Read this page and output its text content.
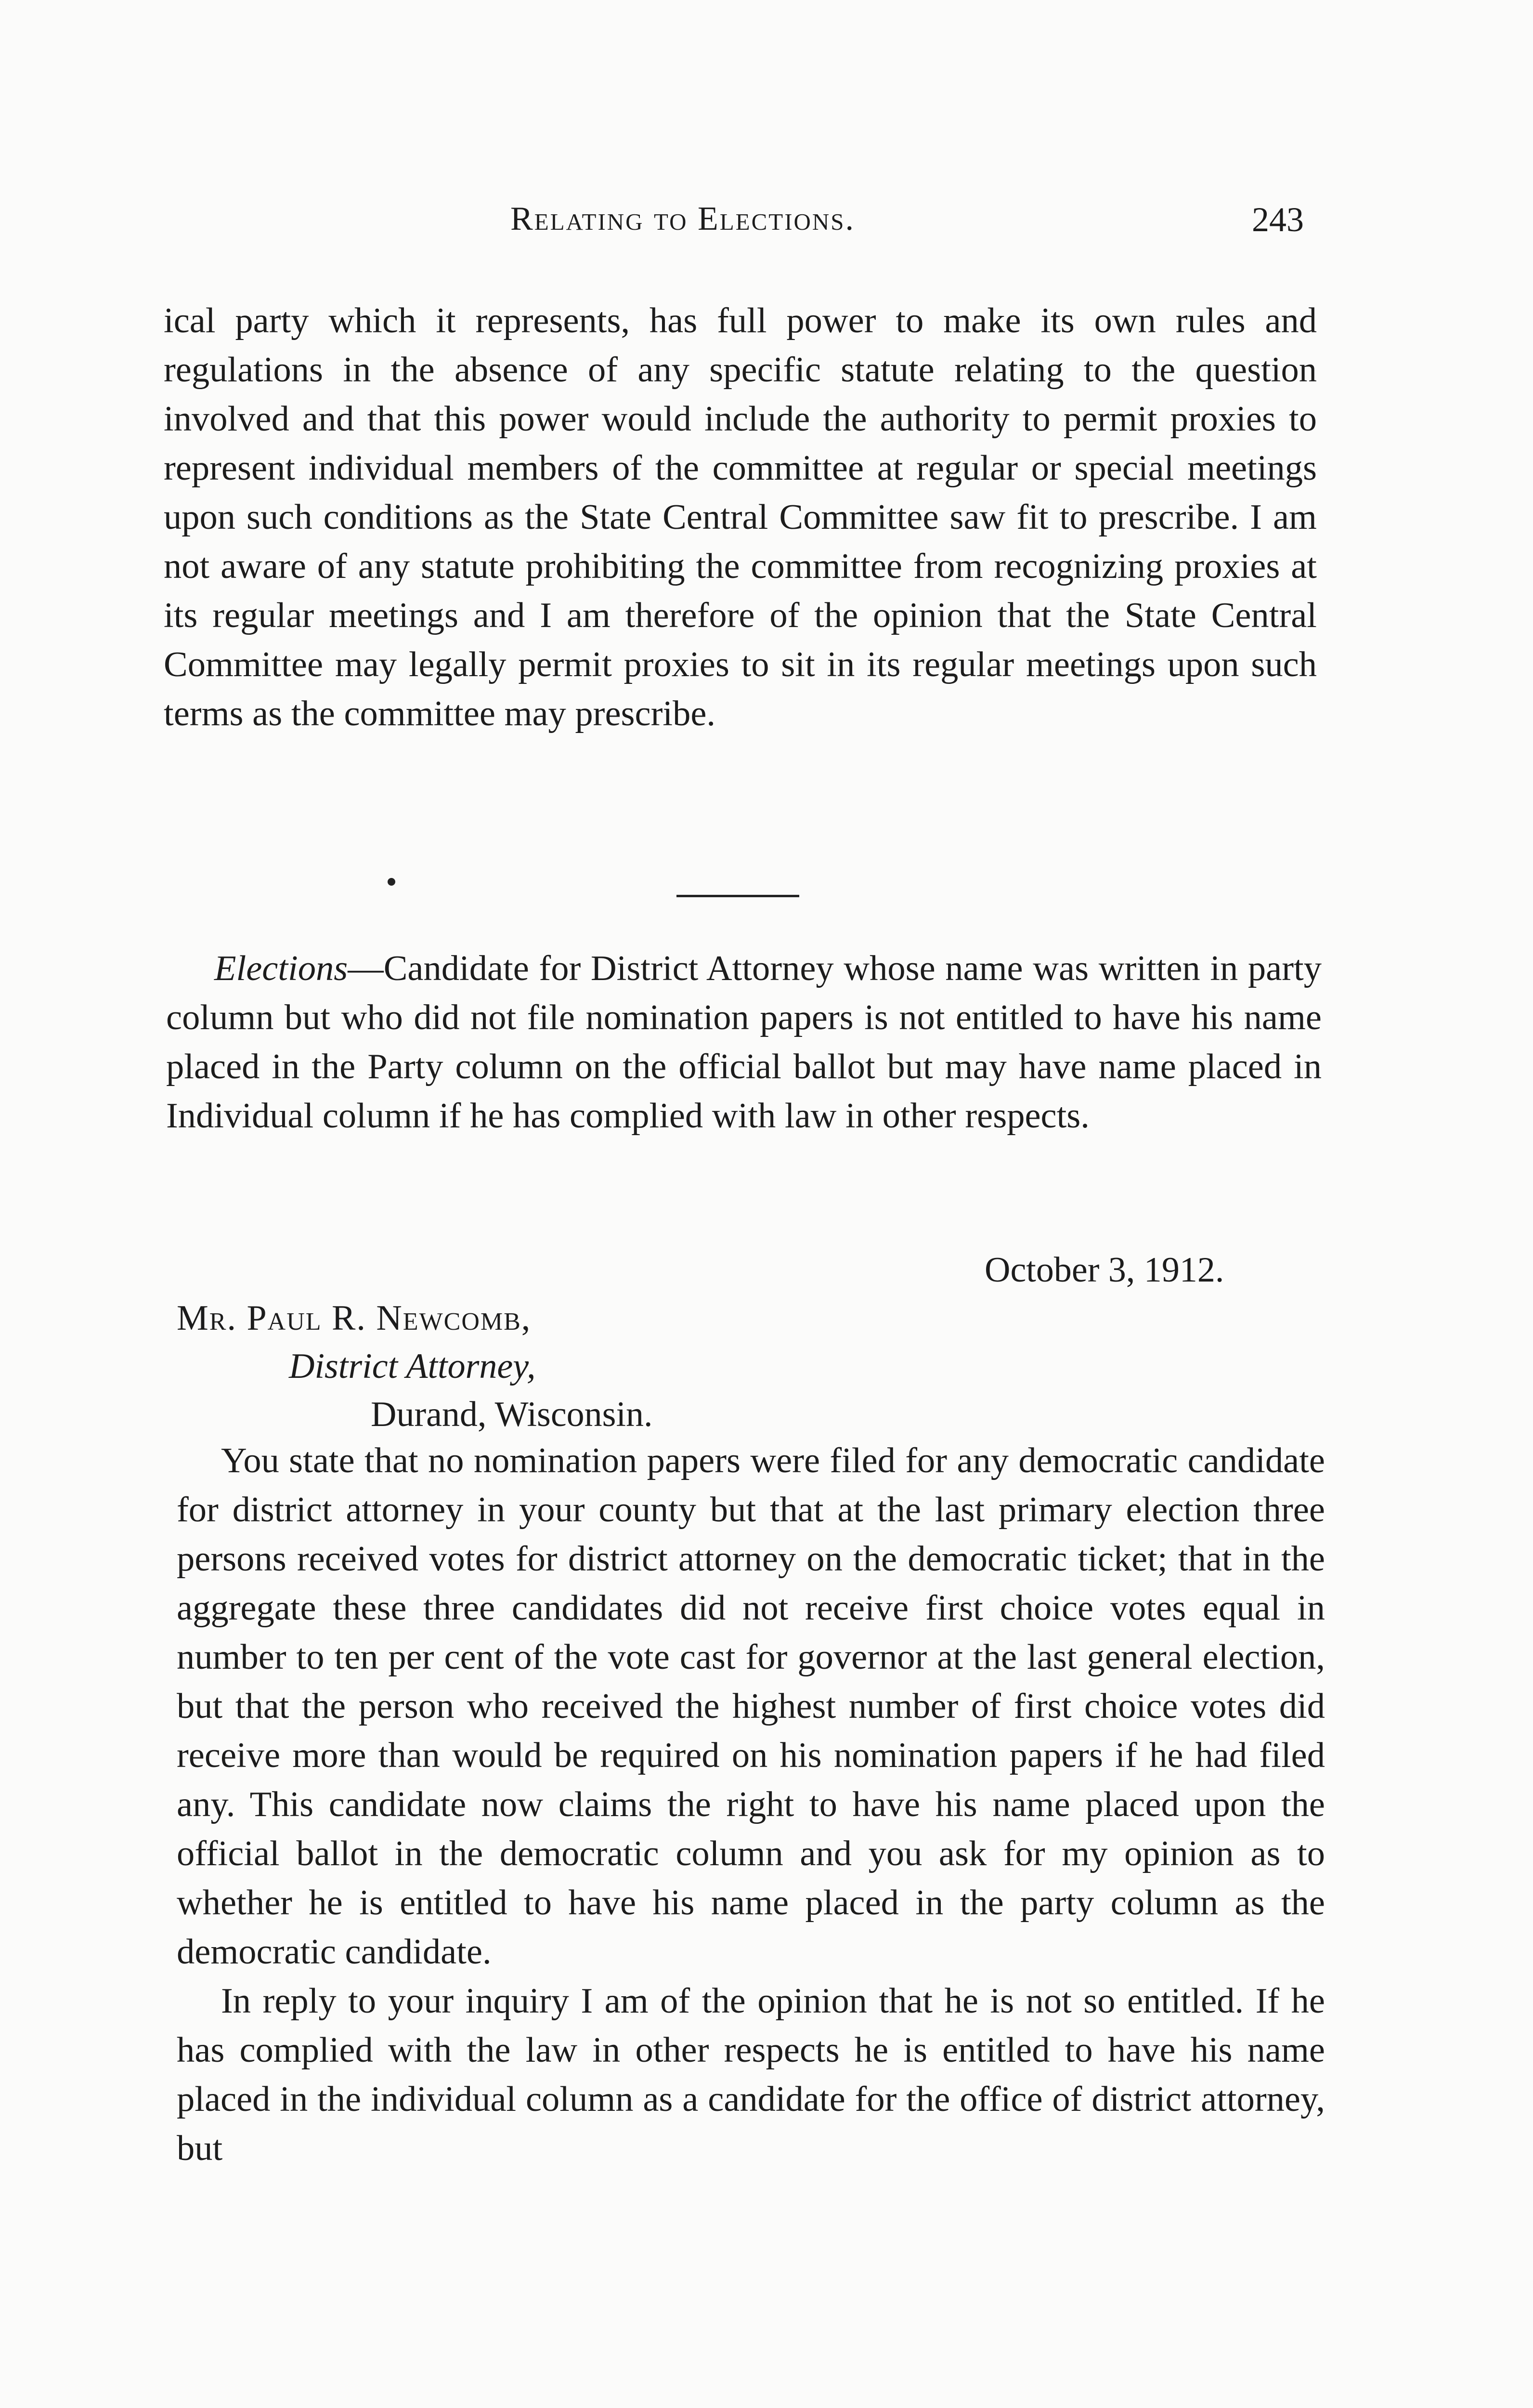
Relating to Elections.	243

ical party which it represents, has full power to make its own rules and regulations in the absence of any specific statute relating to the question involved and that this power would include the authority to permit proxies to represent individual members of the committee at regular or special meetings upon such conditions as the State Central Committee saw fit to prescribe. I am not aware of any statute prohibiting the committee from recognizing proxies at its regular meetings and I am therefore of the opinion that the State Central Committee may legally permit proxies to sit in its regular meetings upon such terms as the committee may prescribe.

Elections—Candidate for District Attorney whose name was written in party column but who did not file nomination papers is not entitled to have his name placed in the Party column on the official ballot but may have name placed in Individual column if he has complied with law in other respects.

October 3, 1912.
Mr. Paul R. Newcomb,
District Attorney,
Durand, Wisconsin.

You state that no nomination papers were filed for any democratic candidate for district attorney in your county but that at the last primary election three persons received votes for district attorney on the democratic ticket; that in the aggregate these three candidates did not receive first choice votes equal in number to ten per cent of the vote cast for governor at the last general election, but that the person who received the highest number of first choice votes did receive more than would be required on his nomination papers if he had filed any. This candidate now claims the right to have his name placed upon the official ballot in the democratic column and you ask for my opinion as to whether he is entitled to have his name placed in the party column as the democratic candidate.

In reply to your inquiry I am of the opinion that he is not so entitled. If he has complied with the law in other respects he is entitled to have his name placed in the individual column as a candidate for the office of district attorney, but
